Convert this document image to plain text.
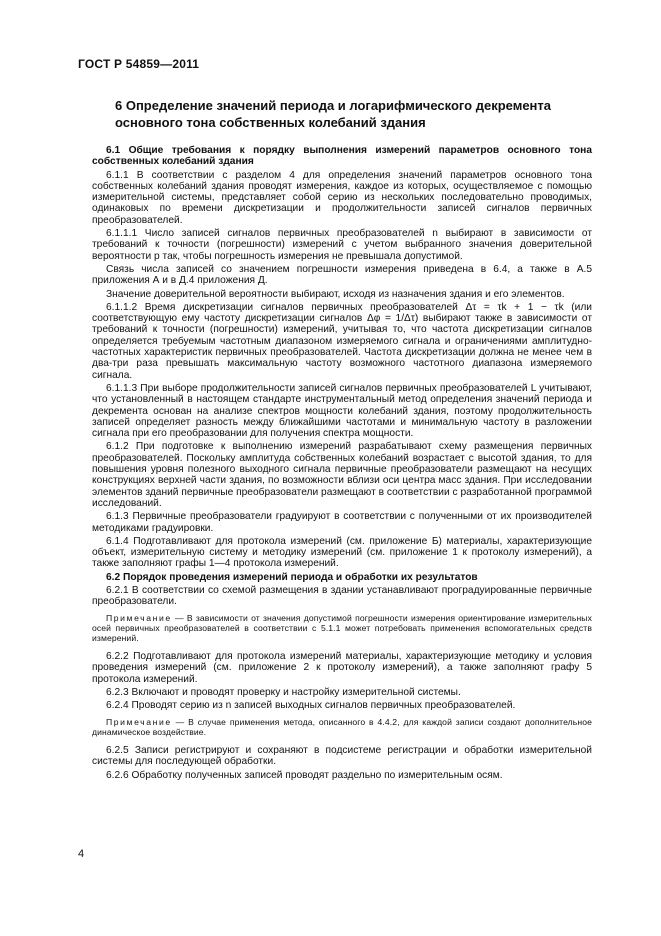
ГОСТ Р 54859—2011
6 Определение значений периода и логарифмического декремента основного тона собственных колебаний здания
6.1 Общие требования к порядку выполнения измерений параметров основного тона собственных колебаний здания

6.1.1 В соответствии с разделом 4 для определения значений параметров основного тона собственных колебаний здания проводят измерения, каждое из которых, осуществляемое с помощью измерительной системы, представляет собой серию из нескольких последовательно проводимых, одинаковых по времени дискретизации и продолжительности записей сигналов первичных преобразователей.

6.1.1.1 Число записей сигналов первичных преобразователей n выбирают в зависимости от требований к точности (погрешности) измерений с учетом выбранного значения доверительной вероятности p так, чтобы погрешность измерения не превышала допустимой.

Связь числа записей со значением погрешности измерения приведена в 6.4, а также в А.5 приложения А и в Д.4 приложения Д.

Значение доверительной вероятности выбирают, исходя из назначения здания и его элементов.

6.1.1.2 Время дискретизации сигналов первичных преобразователей Δτ = τk + 1 − τk (или соответствующую ему частоту дискретизации сигналов Δφ = 1/Δτ) выбирают также в зависимости от требований к точности (погрешности) измерений, учитывая то, что частота дискретизации сигналов определяется требуемым частотным диапазоном измеряемого сигнала и ограничениями амплитудно-частотных характеристик первичных преобразователей. Частота дискретизации должна не менее чем в два-три раза превышать максимальную частоту возможного частотного диапазона измеряемого сигнала.

6.1.1.3 При выборе продолжительности записей сигналов первичных преобразователей L учитывают, что установленный в настоящем стандарте инструментальный метод определения значений периода и декремента основан на анализе спектров мощности колебаний здания, поэтому продолжительность записей определяет разность между ближайшими частотами и минимальную частоту в разложении сигнала при его преобразовании для получения спектра мощности.

6.1.2 При подготовке к выполнению измерений разрабатывают схему размещения первичных преобразователей. Поскольку амплитуда собственных колебаний возрастает с высотой здания, то для повышения уровня полезного выходного сигнала первичные преобразователи размещают на несущих конструкциях верхней части здания, по возможности вблизи оси центра масс здания. При исследовании элементов зданий первичные преобразователи размещают в соответствии с разработанной программой исследований.

6.1.3 Первичные преобразователи градуируют в соответствии с полученными от их производителей методиками градуировки.

6.1.4 Подготавливают для протокола измерений (см. приложение Б) материалы, характеризующие объект, измерительную систему и методику измерений (см. приложение 1 к протоколу измерений), а также заполняют графы 1—4 протокола измерений.

6.2 Порядок проведения измерений периода и обработки их результатов

6.2.1 В соответствии со схемой размещения в здании устанавливают проградуированные первичные преобразователи.

Примечание — В зависимости от значения допустимой погрешности измерения ориентирование измерительных осей первичных преобразователей в соответствии с 5.1.1 может потребовать применения вспомогательных средств измерений.

6.2.2 Подготавливают для протокола измерений материалы, характеризующие методику и условия проведения измерений (см. приложение 2 к протоколу измерений), а также заполняют графу 5 протокола измерений.

6.2.3 Включают и проводят проверку и настройку измерительной системы.

6.2.4 Проводят серию из n записей выходных сигналов первичных преобразователей.

Примечание — В случае применения метода, описанного в 4.4.2, для каждой записи создают дополнительное динамическое воздействие.

6.2.5 Записи регистрируют и сохраняют в подсистеме регистрации и обработки измерительной системы для последующей обработки.

6.2.6 Обработку полученных записей проводят раздельно по измерительным осям.

4
